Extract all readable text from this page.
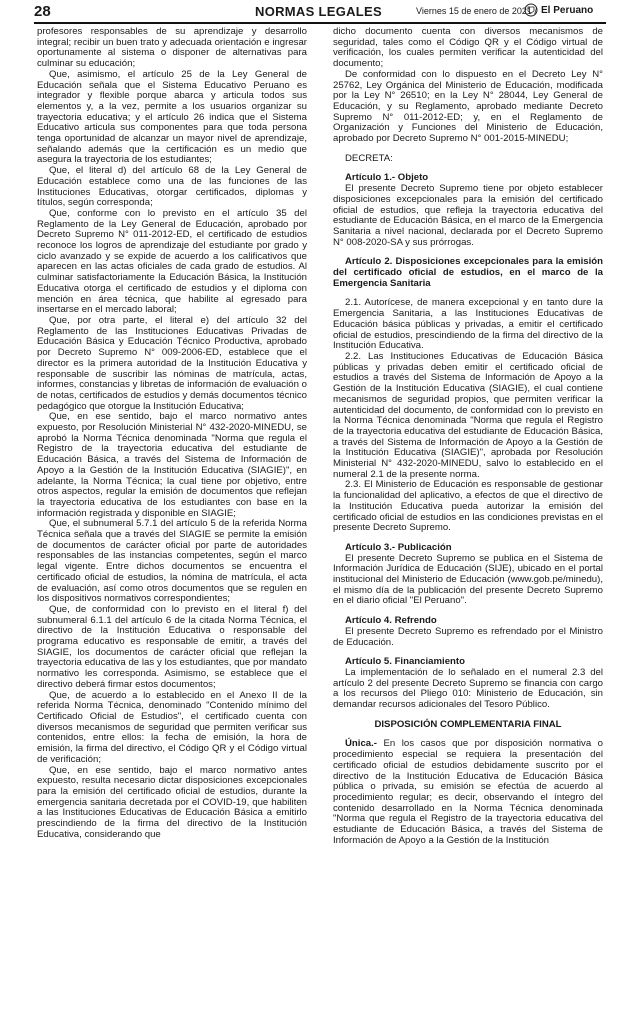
28	NORMAS LEGALES	Viernes 15 de enero de 2021 / El Peruano

profesores responsables de su aprendizaje y desarrollo integral; recibir un buen trato y adecuada orientación e ingresar oportunamente al sistema o disponer de alternativas para culminar su educación;

Que, asimismo, el artículo 25 de la Ley General de Educación señala que el Sistema Educativo Peruano es integrador y flexible porque abarca y articula todos sus elementos y, a la vez, permite a los usuarios organizar su trayectoria educativa; y el artículo 26 indica que el Sistema Educativo articula sus componentes para que toda persona tenga oportunidad de alcanzar un mayor nivel de aprendizaje, señalando además que la certificación es un medio que asegura la trayectoria de los estudiantes;

Que, el literal d) del artículo 68 de la Ley General de Educación establece como una de las funciones de las Instituciones Educativas, otorgar certificados, diplomas y títulos, según corresponda;

Que, conforme con lo previsto en el artículo 35 del Reglamento de la Ley General de Educación, aprobado por Decreto Supremo N° 011-2012-ED, el certificado de estudios reconoce los logros de aprendizaje del estudiante por grado y ciclo avanzado y se expide de acuerdo a los calificativos que aparecen en las actas oficiales de cada grado de estudios. Al culminar satisfactoriamente la Educación Básica, la Institución Educativa otorga el certificado de estudios y el diploma con mención en área técnica, que habilite al egresado para insertarse en el mercado laboral;

Que, por otra parte, el literal e) del artículo 32 del Reglamento de las Instituciones Educativas Privadas de Educación Básica y Educación Técnico Productiva, aprobado por Decreto Supremo N° 009-2006-ED, establece que el director es la primera autoridad de la Institución Educativa y responsable de suscribir las nóminas de matrícula, actas, informes, constancias y libretas de información de evaluación o de notas, certificados de estudios y demás documentos técnico pedagógico que otorgue la Institución Educativa;

Que, en ese sentido, bajo el marco normativo antes expuesto, por Resolución Ministerial N° 432-2020-MINEDU, se aprobó la Norma Técnica denominada "Norma que regula el Registro de la trayectoria educativa del estudiante de Educación Básica, a través del Sistema de Información de Apoyo a la Gestión de la Institución Educativa (SIAGIE)", en adelante, la Norma Técnica; la cual tiene por objetivo, entre otros aspectos, regular la emisión de documentos que reflejan la trayectoria educativa de los estudiantes con base en la información registrada y disponible en SIAGIE;

Que, el subnumeral 5.7.1 del artículo 5 de la referida Norma Técnica señala que a través del SIAGIE se permite la emisión de documentos de carácter oficial por parte de autoridades responsables de las instancias competentes, según el marco legal vigente. Entre dichos documentos se encuentra el certificado oficial de estudios, la nómina de matrícula, el acta de evaluación, así como otros documentos que se regulen en los dispositivos normativos correspondientes;

Que, de conformidad con lo previsto en el literal f) del subnumeral 6.1.1 del artículo 6 de la citada Norma Técnica, el directivo de la Institución Educativa o responsable del programa educativo es responsable de emitir, a través del SIAGIE, los documentos de carácter oficial que reflejan la trayectoria educativa de las y los estudiantes, que por mandato normativo les corresponda. Asimismo, se establece que el directivo deberá firmar estos documentos;

Que, de acuerdo a lo establecido en el Anexo II de la referida Norma Técnica, denominado "Contenido mínimo del Certificado Oficial de Estudios", el certificado cuenta con diversos mecanismos de seguridad que permiten verificar sus contenidos, entre ellos: la fecha de emisión, la hora de emisión, la firma del directivo, el Código QR y el Código virtual de verificación;

Que, en ese sentido, bajo el marco normativo antes expuesto, resulta necesario dictar disposiciones excepcionales para la emisión del certificado oficial de estudios, durante la emergencia sanitaria decretada por el COVID-19, que habiliten a las Instituciones Educativas de Educación Básica a emitirlo prescindiendo de la firma del directivo de la Institución Educativa, considerando que

dicho documento cuenta con diversos mecanismos de seguridad, tales como el Código QR y el Código virtual de verificación, los cuales permiten verificar la autenticidad del documento;

De conformidad con lo dispuesto en el Decreto Ley N° 25762, Ley Orgánica del Ministerio de Educación, modificada por la Ley N° 26510; en la Ley N° 28044, Ley General de Educación, y su Reglamento, aprobado mediante Decreto Supremo N° 011-2012-ED; y, en el Reglamento de Organización y Funciones del Ministerio de Educación, aprobado por Decreto Supremo N° 001-2015-MINEDU;

DECRETA:

Artículo 1.- Objeto

El presente Decreto Supremo tiene por objeto establecer disposiciones excepcionales para la emisión del certificado oficial de estudios, que refleja la trayectoria educativa del estudiante de Educación Básica, en el marco de la Emergencia Sanitaria a nivel nacional, declarada por el Decreto Supremo N° 008-2020-SA y sus prórrogas.

Artículo 2. Disposiciones excepcionales para la emisión del certificado oficial de estudios, en el marco de la Emergencia Sanitaria

2.1. Autorícese, de manera excepcional y en tanto dure la Emergencia Sanitaria, a las Instituciones Educativas de Educación básica públicas y privadas, a emitir el certificado oficial de estudios, prescindiendo de la firma del directivo de la Institución Educativa.

2.2. Las Instituciones Educativas de Educación Básica públicas y privadas deben emitir el certificado oficial de estudios a través del Sistema de Información de Apoyo a la Gestión de la Institución Educativa (SIAGIE), el cual contiene mecanismos de seguridad propios, que permiten verificar la autenticidad del documento, de conformidad con lo previsto en la Norma Técnica denominada "Norma que regula el Registro de la trayectoria educativa del estudiante de Educación Básica, a través del Sistema de Información de Apoyo a la Gestión de la Institución Educativa (SIAGIE)", aprobada por Resolución Ministerial N° 432-2020-MINEDU, salvo lo establecido en el numeral 2.1 de la presente norma.

2.3. El Ministerio de Educación es responsable de gestionar la funcionalidad del aplicativo, a efectos de que el directivo de la Institución Educativa pueda autorizar la emisión del certificado oficial de estudios en las condiciones previstas en el presente Decreto Supremo.

Artículo 3.- Publicación

El presente Decreto Supremo se publica en el Sistema de Información Jurídica de Educación (SIJE), ubicado en el portal institucional del Ministerio de Educación (www.gob.pe/minedu), el mismo día de la publicación del presente Decreto Supremo en el diario oficial "El Peruano".

Artículo 4. Refrendo

El presente Decreto Supremo es refrendado por el Ministro de Educación.

Artículo 5. Financiamiento

La implementación de lo señalado en el numeral 2.3 del artículo 2 del presente Decreto Supremo se financia con cargo a los recursos del Pliego 010: Ministerio de Educación, sin demandar recursos adicionales del Tesoro Público.

DISPOSICIÓN COMPLEMENTARIA FINAL

Única.- En los casos que por disposición normativa o procedimiento especial se requiera la presentación del certificado oficial de estudios debidamente suscrito por el directivo de la Institución Educativa de Educación Básica pública o privada, su emisión se efectúa de acuerdo al procedimiento regular; es decir, observando el íntegro del contenido desarrollado en la Norma Técnica denominada "Norma que regula el Registro de la trayectoria educativa del estudiante de Educación Básica, a través del Sistema de Información de Apoyo a la Gestión de la Institución
